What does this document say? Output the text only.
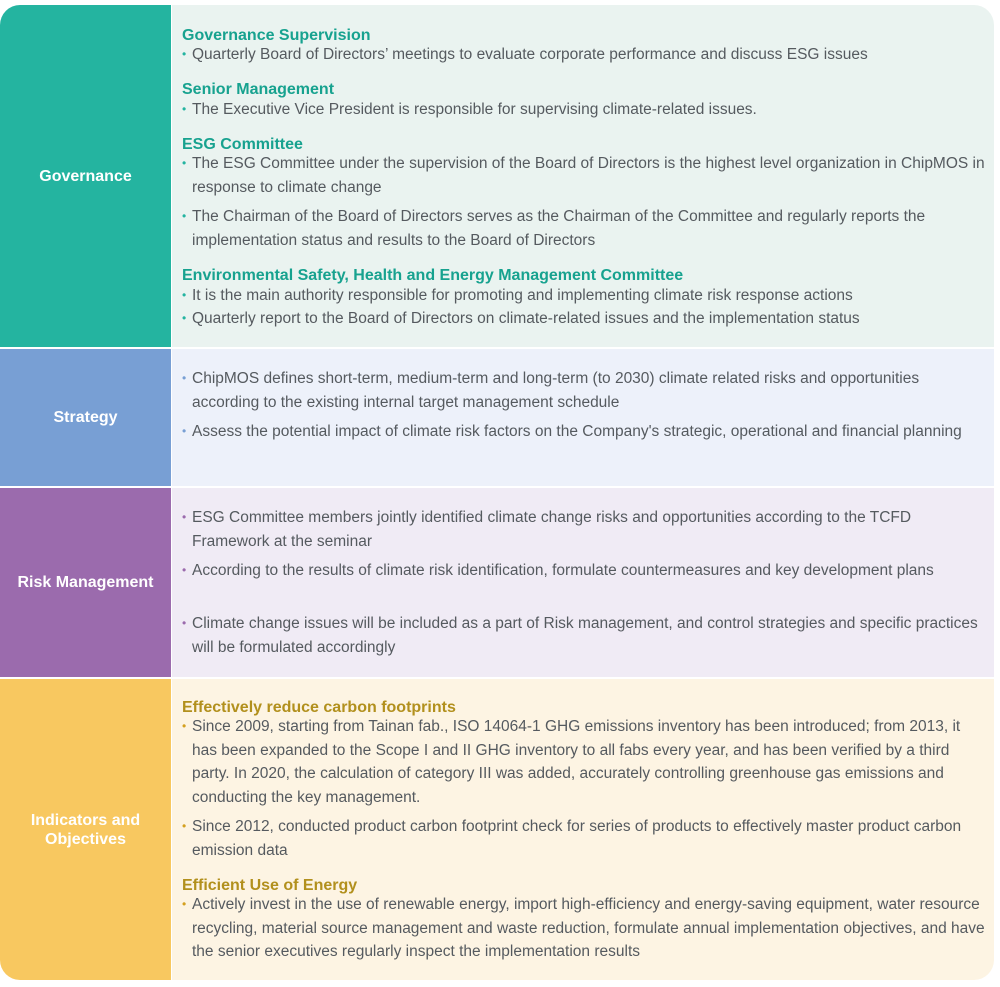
Governance
Governance Supervision
• Quarterly Board of Directors’ meetings to evaluate corporate performance and discuss ESG issues
Senior Management
• The Executive Vice President is responsible for supervising climate-related issues.
ESG Committee
• The ESG Committee under the supervision of the Board of Directors is the highest level organization in ChipMOS in response to climate change
• The Chairman of the Board of Directors serves as the Chairman of the Committee and regularly reports the implementation status and results to the Board of Directors
Environmental Safety, Health and Energy Management Committee
• It is the main authority responsible for promoting and implementing climate risk response actions
• Quarterly report to the Board of Directors on climate-related issues and the implementation status
Strategy
• ChipMOS defines short-term, medium-term and long-term (to 2030) climate related risks and opportunities according to the existing internal target management schedule
• Assess the potential impact of climate risk factors on the Company's strategic, operational and financial planning
Risk Management
• ESG Committee members jointly identified climate change risks and opportunities according to the TCFD Framework at the seminar
• According to the results of climate risk identification, formulate countermeasures and key development plans
• Climate change issues will be included as a part of Risk management, and control strategies and specific practices will be formulated accordingly
Indicators and Objectives
Effectively reduce carbon footprints
• Since 2009, starting from Tainan fab., ISO 14064-1 GHG emissions inventory has been introduced; from 2013, it has been expanded to the Scope I and II GHG inventory to all fabs every year, and has been verified by a third party. In 2020, the calculation of category III was added, accurately controlling greenhouse gas emissions and conducting the key management.
• Since 2012, conducted product carbon footprint check for series of products to effectively master product carbon emission data
Efficient Use of Energy
• Actively invest in the use of renewable energy, import high-efficiency and energy-saving equipment, water resource recycling, material source management and waste reduction, formulate annual implementation objectives, and have the senior executives regularly inspect the implementation results
